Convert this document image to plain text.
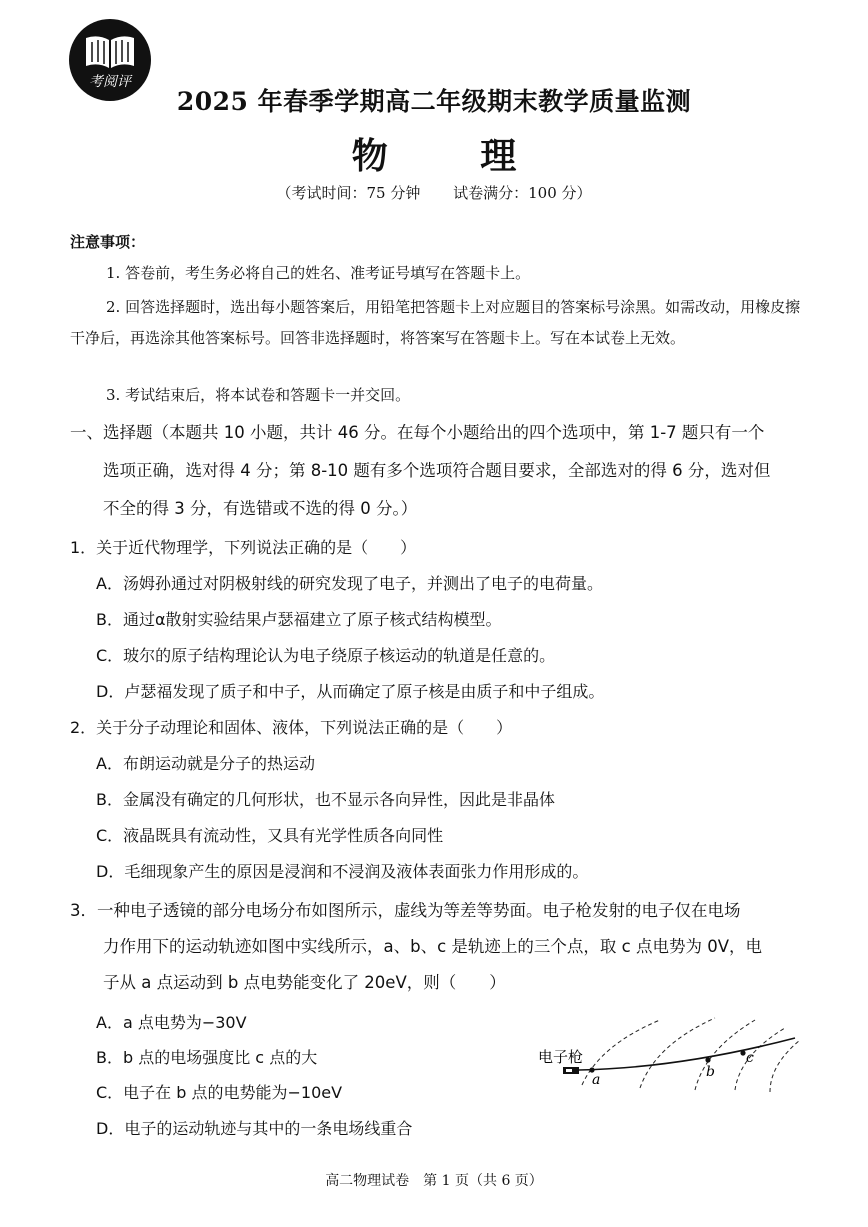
考阅评
2025 年春季学期高二年级期末教学质量监测
物 理
（考试时间：75 分钟 试卷满分：100 分）
注意事项：
1. 答卷前，考生务必将自己的姓名、准考证号填写在答题卡上。
2. 回答选择题时，选出每小题答案后，用铅笔把答题卡上对应题目的答案标号涂黑。如需改动，用橡皮擦干净后，再选涂其他答案标号。回答非选择题时，将答案写在答题卡上。写在本试卷上无效。
3. 考试结束后，将本试卷和答题卡一并交回。
一、选择题（本题共 10 小题，共计 46 分。在每个小题给出的四个选项中，第 1-7 题只有一个
选项正确，选对得 4 分；第 8-10 题有多个选项符合题目要求，全部选对的得 6 分，选对但
不全的得 3 分，有选错或不选的得 0 分。）
1．关于近代物理学，下列说法正确的是（　　）
A．汤姆孙通过对阴极射线的研究发现了电子，并测出了电子的电荷量。
B．通过α散射实验结果卢瑟福建立了原子核式结构模型。
C．玻尔的原子结构理论认为电子绕原子核运动的轨道是任意的。
D．卢瑟福发现了质子和中子，从而确定了原子核是由质子和中子组成。
2．关于分子动理论和固体、液体，下列说法正确的是（　　）
A．布朗运动就是分子的热运动
B．金属没有确定的几何形状，也不显示各向异性，因此是非晶体
C．液晶既具有流动性，又具有光学性质各向同性
D．毛细现象产生的原因是浸润和不浸润及液体表面张力作用形成的。
3．一种电子透镜的部分电场分布如图所示，虚线为等差等势面。电子枪发射的电子仅在电场
力作用下的运动轨迹如图中实线所示，a、b、c 是轨迹上的三个点，取 c 点电势为 0V，电
子从 a 点运动到 b 点电势能变化了 20eV，则（　　）
A．a 点电势为−30V
B．b 点的电场强度比 c 点的大
C．电子在 b 点的电势能为−10eV
D．电子的运动轨迹与其中的一条电场线重合
电子枪
a	b
c
高二物理试卷　第 1 页（共 6 页）
